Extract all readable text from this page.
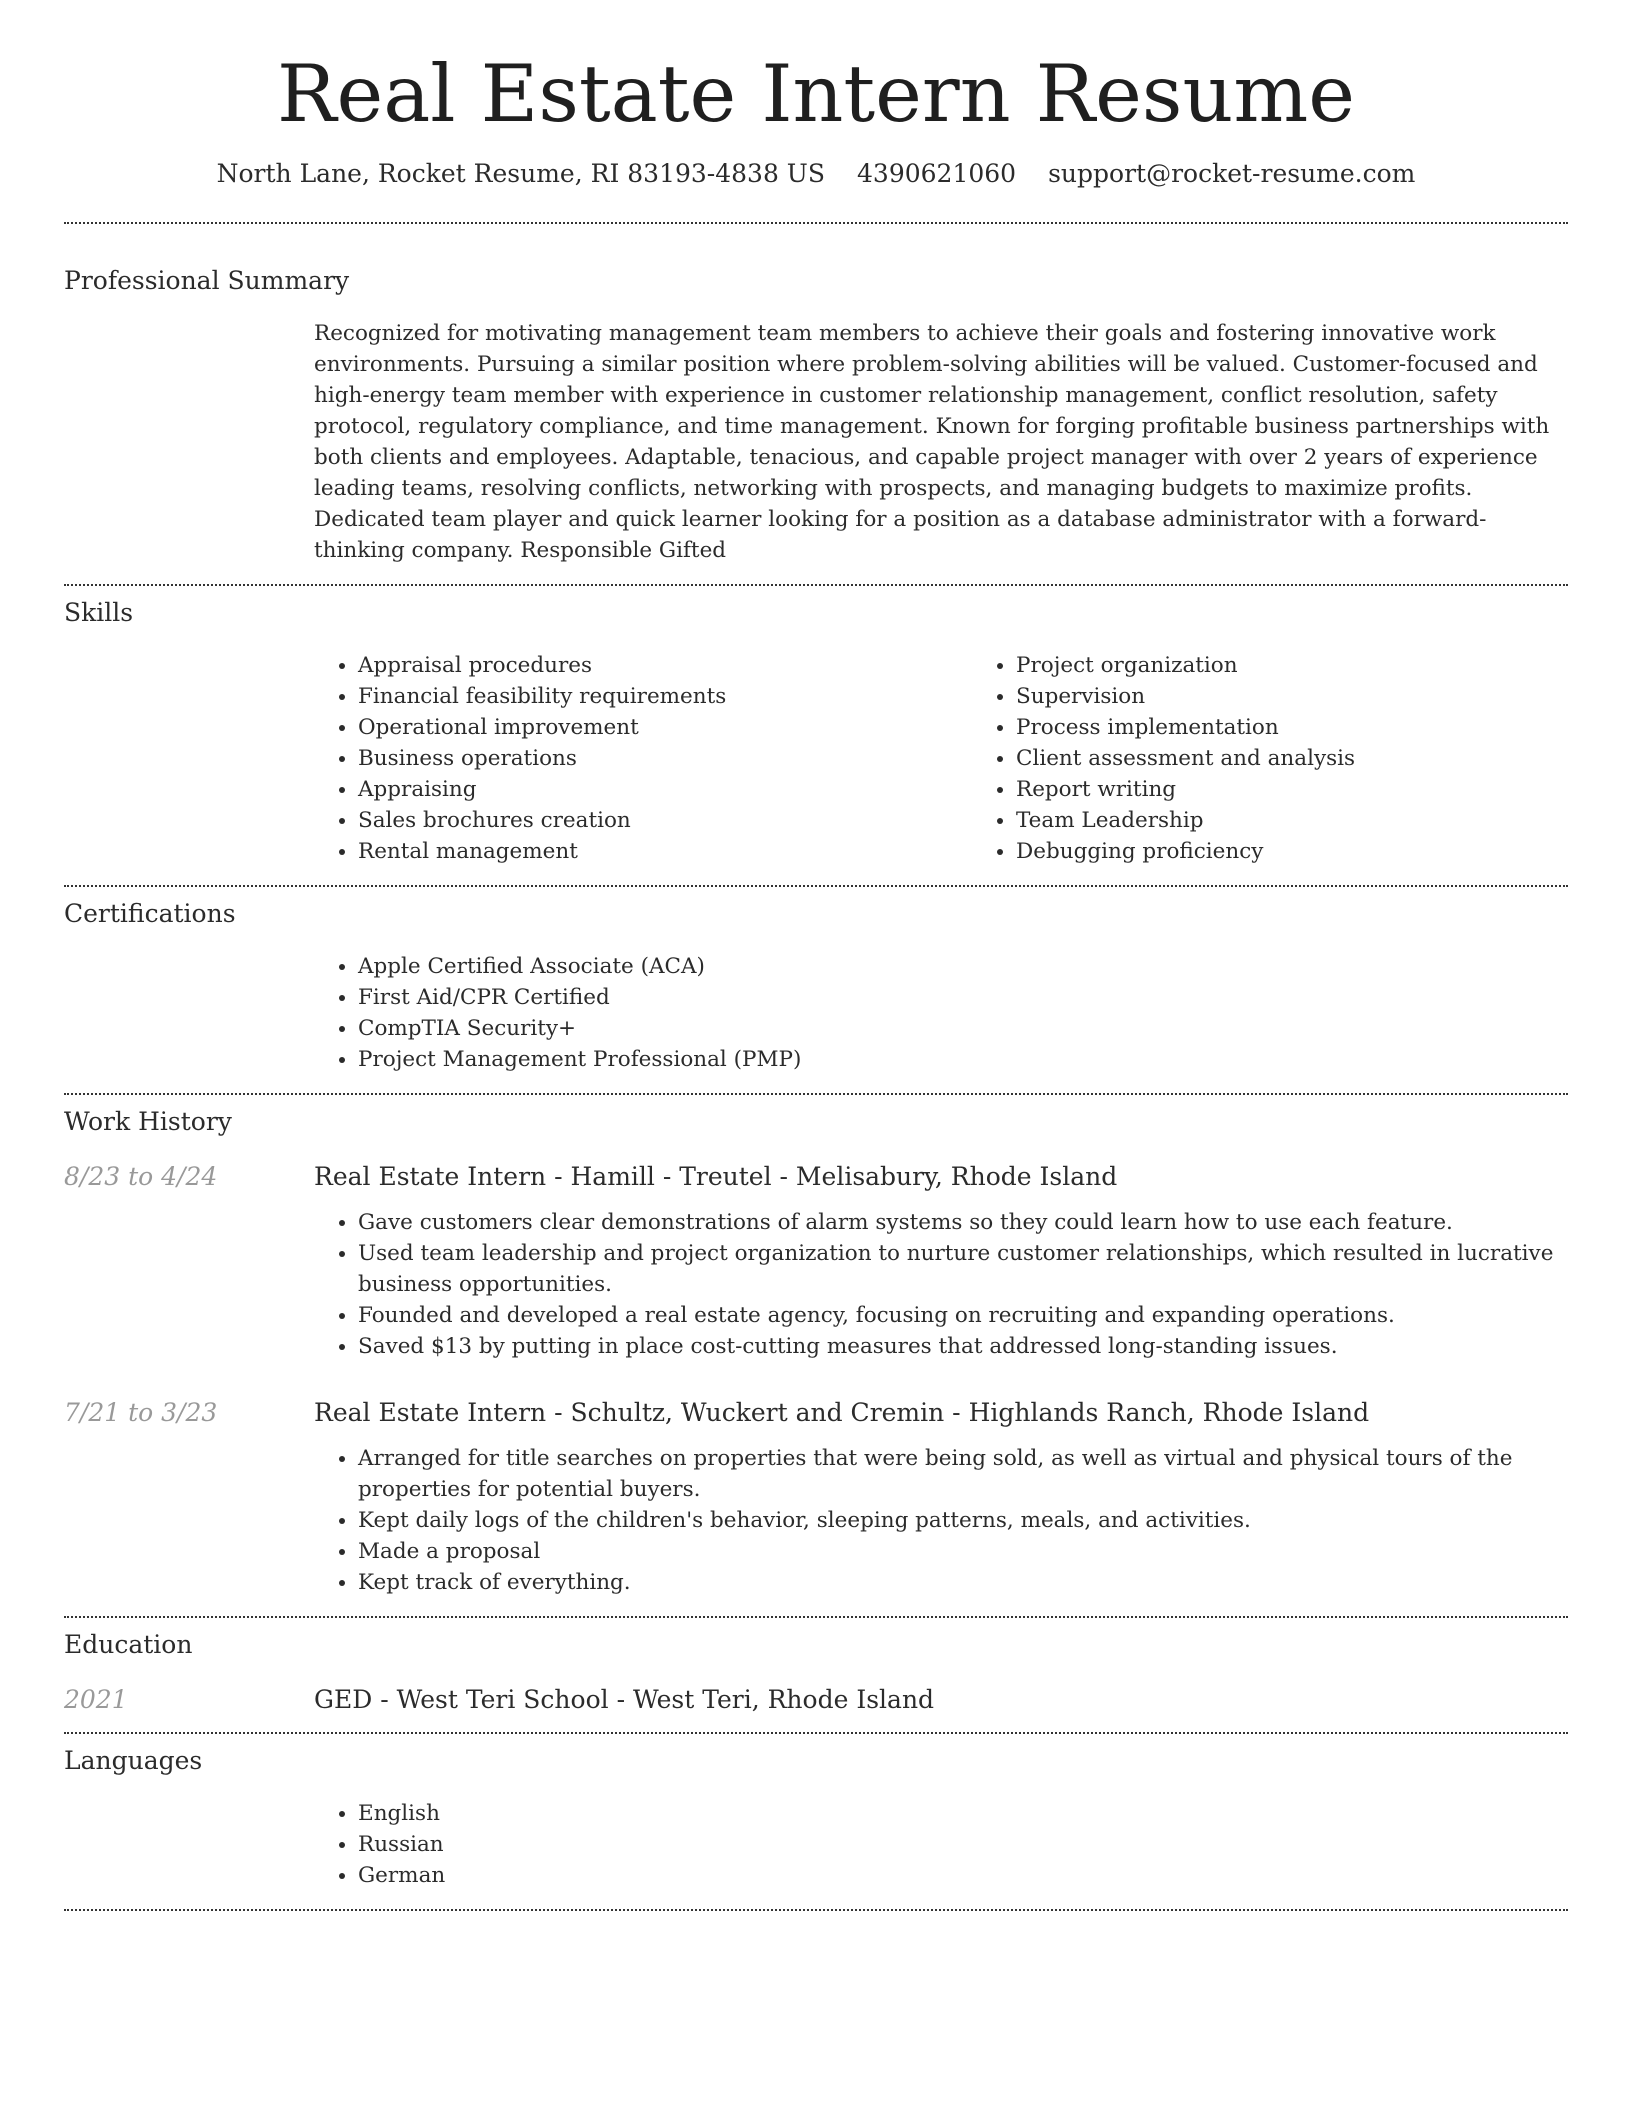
Real Estate Intern Resume
North Lane, Rocket Resume, RI 83193-4838 US 4390621060 support@rocket-resume.com
Professional Summary

Recognized for motivating management team members to achieve their goals and fostering innovative work environments. Pursuing a similar position where problem-solving abilities will be valued. Customer-focused and high-energy team member with experience in customer relationship management, conflict resolution, safety protocol, regulatory compliance, and time management. Known for forging profitable business partnerships with both clients and employees. Adaptable, tenacious, and capable project manager with over 2 years of experience leading teams, resolving conflicts, networking with prospects, and managing budgets to maximize profits. Dedicated team player and quick learner looking for a position as a database administrator with a forward-thinking company. Responsible Gifted

Skills
• Appraisal procedures
• Financial feasibility requirements
• Operational improvement
• Business operations
• Appraising
• Sales brochures creation
• Rental management
• Project organization
• Supervision
• Process implementation
• Client assessment and analysis
• Report writing
• Team Leadership
• Debugging proficiency
Certifications
• Apple Certified Associate (ACA)
• First Aid/CPR Certified
• CompTIA Security+
• Project Management Professional (PMP)
Work History
8/23 to 4/24	Real Estate Intern - Hamill - Treutel - Melisabury, Rhode Island
• Gave customers clear demonstrations of alarm systems so they could learn how to use each feature.
• Used team leadership and project organization to nurture customer relationships, which resulted in lucrative business opportunities.
• Founded and developed a real estate agency, focusing on recruiting and expanding operations.
• Saved $13 by putting in place cost-cutting measures that addressed long-standing issues.
7/21 to 3/23	Real Estate Intern - Schultz, Wuckert and Cremin - Highlands Ranch, Rhode Island
• Arranged for title searches on properties that were being sold, as well as virtual and physical tours of the properties for potential buyers.
• Kept daily logs of the children's behavior, sleeping patterns, meals, and activities.
• Made a proposal
• Kept track of everything.
Education
2021	GED - West Teri School - West Teri, Rhode Island
Languages
• English
• Russian
• German
